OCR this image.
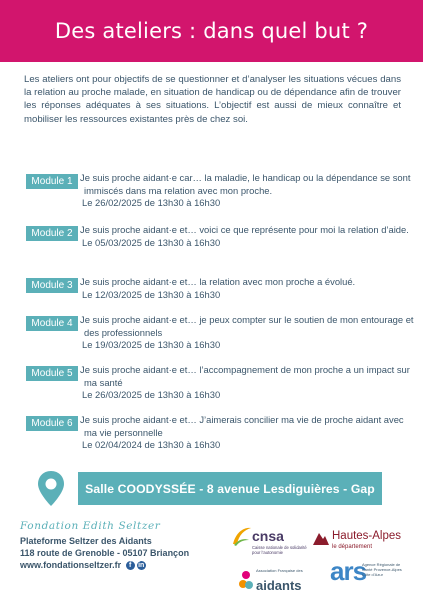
Des ateliers : dans quel but ?

Les ateliers ont pour objectifs de se questionner et d’analyser les situations vécues dans la relation au proche malade, en situation de handicap ou de dépendance afin de trouver les réponses adéquates à ses situations. L’objectif est aussi de mieux connaître et mobiliser les ressources existantes près de chez soi.

Module 1 Je suis proche aidant·e car… la maladie, le handicap ou la dépendance se sont immiscés dans ma relation avec mon proche.
Le 26/02/2025 de 13h30 à 16h30
Module 2 Je suis proche aidant·e et… voici ce que représente pour moi la relation d’aide.
Le 05/03/2025 de 13h30 à 16h30
Module 3 Je suis proche aidant·e et… la relation avec mon proche a évolué.
Le 12/03/2025 de 13h30 à 16h30
Module 4 Je suis proche aidant·e et… je peux compter sur le soutien de mon entourage et des professionnels
Le 19/03/2025 de 13h30 à 16h30
Module 5 Je suis proche aidant·e et… l’accompagnement de mon proche a un impact sur ma santé
Le 26/03/2025 de 13h30 à 16h30
Module 6 Je suis proche aidant·e et… J’aimerais concilier ma vie de proche aidant avec ma vie personnelle
Le 02/04/2024 de 13h30 à 16h30
Salle COODYSSÉE - 8 avenue Lesdiguières - Gap
Fondation Edith Seltzer
Plateforme Seltzer des Aidants
118 route de Grenoble - 05107 Briançon
www.fondationseltzer.fr	f in
cnsa
Caisse nationale de solidarité pour l’autonomie
Association Française des
aidants
Hautes-Alpes
le département
ars
Agence Régionale de Santé Provence-Alpes Côte d’Azur
